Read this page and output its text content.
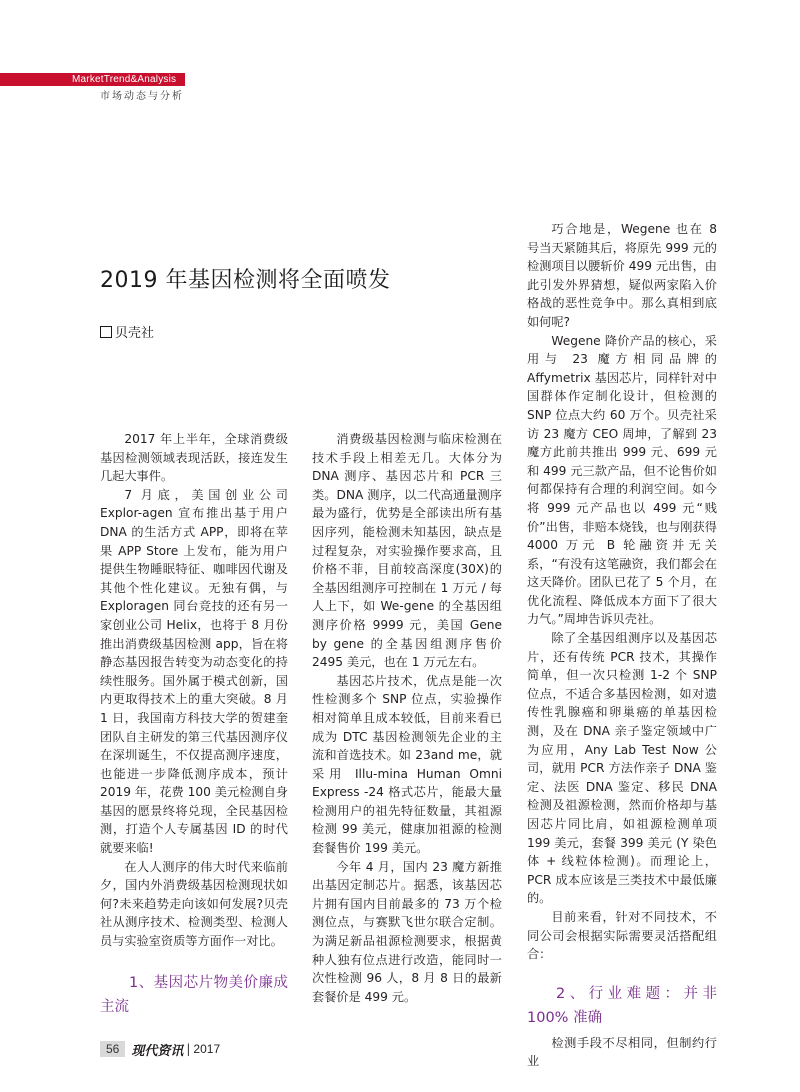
MarketTrend&Analysis
市场动态与分析
2019 年基因检测将全面喷发
贝壳社

2017 年上半年，全球消费级基因检测领域表现活跃，接连发生几起大事件。

7 月底，美国创业公司 Explor-agen 宣布推出基于用户 DNA 的生活方式 APP，即将在苹果 APP Store 上发布，能为用户提供生物睡眠特征、咖啡因代谢及其他个性化建议。无独有偶，与 Exploragen 同台竞技的还有另一家创业公司 Helix，也将于 8 月份推出消费级基因检测 app，旨在将静态基因报告转变为动态变化的持续性服务。国外属于模式创新，国内更取得技术上的重大突破。8 月 1 日，我国南方科技大学的贺建奎团队自主研发的第三代基因测序仪在深圳诞生，不仅提高测序速度，也能进一步降低测序成本，预计 2019 年，花费 100 美元检测自身基因的愿景终将兑现，全民基因检测，打造个人专属基因 ID 的时代就要来临!

在人人测序的伟大时代来临前夕，国内外消费级基因检测现状如何?未来趋势走向该如何发展?贝壳社从测序技术、检测类型、检测人员与实验室资质等方面作一对比。

1、基因芯片物美价廉成主流

消费级基因检测与临床检测在技术手段上相差无几。大体分为 DNA 测序、基因芯片和 PCR 三类。DNA 测序，以二代高通量测序最为盛行，优势是全部读出所有基因序列，能检测未知基因，缺点是过程复杂，对实验操作要求高，且价格不菲，目前较高深度(30X)的全基因组测序可控制在 1 万元 / 每人上下，如 We-gene 的全基因组测序价格 9999 元，美国 Gene by gene 的全基因组测序售价 2495 美元，也在 1 万元左右。

基因芯片技术，优点是能一次性检测多个 SNP 位点，实验操作相对简单且成本较低，目前来看已成为 DTC 基因检测领先企业的主流和首选技术。如 23and me，就采用 Illu-mina Human Omni Express -24 格式芯片，能最大量检测用户的祖先特征数量，其祖源检测 99 美元，健康加祖源的检测套餐售价 199 美元。

今年 4 月，国内 23 魔方新推出基因定制芯片。据悉，该基因芯片拥有国内目前最多的 73 万个检测位点，与赛默飞世尔联合定制。为满足新品祖源检测要求，根据黄种人独有位点进行改造，能同时一次性检测 96 人，8 月 8 日的最新套餐价是 499 元。

巧合地是，Wegene 也在 8 号当天紧随其后，将原先 999 元的检测项目以腰斩价 499 元出售，由此引发外界猜想，疑似两家陷入价格战的恶性竞争中。那么真相到底如何呢?

Wegene 降价产品的核心，采用与 23 魔方相同品牌的 Affymetrix 基因芯片，同样针对中国群体作定制化设计，但检测的 SNP 位点大约 60 万个。贝壳社采访 23 魔方 CEO 周坤，了解到 23 魔方此前共推出 999 元、699 元和 499 元三款产品，但不论售价如何都保持有合理的利润空间。如今将 999 元产品也以 499 元“贱价”出售，非赔本烧钱，也与刚获得 4000 万元 B 轮融资并无关系，“有没有这笔融资，我们都会在这天降价。团队已花了 5 个月，在优化流程、降低成本方面下了很大力气。”周坤告诉贝壳社。

除了全基因组测序以及基因芯片，还有传统 PCR 技术，其操作简单，但一次只检测 1-2 个 SNP 位点，不适合多基因检测，如对遗传性乳腺癌和卵巢癌的单基因检测，及在 DNA 亲子鉴定领域中广为应用，Any Lab Test Now 公司，就用 PCR 方法作亲子 DNA 鉴定、法医 DNA 鉴定、移民 DNA 检测及祖源检测，然而价格却与基因芯片同比肩，如祖源检测单项 199 美元，套餐 399 美元 (Y 染色体 + 线粒体检测)。而理论上，PCR 成本应该是三类技术中最低廉的。

目前来看，针对不同技术，不同公司会根据实际需要灵活搭配组合：

2、行业难题：并非 100% 准确

检测手段不尽相同，但制约行业

56 现代资讯 | 2017
